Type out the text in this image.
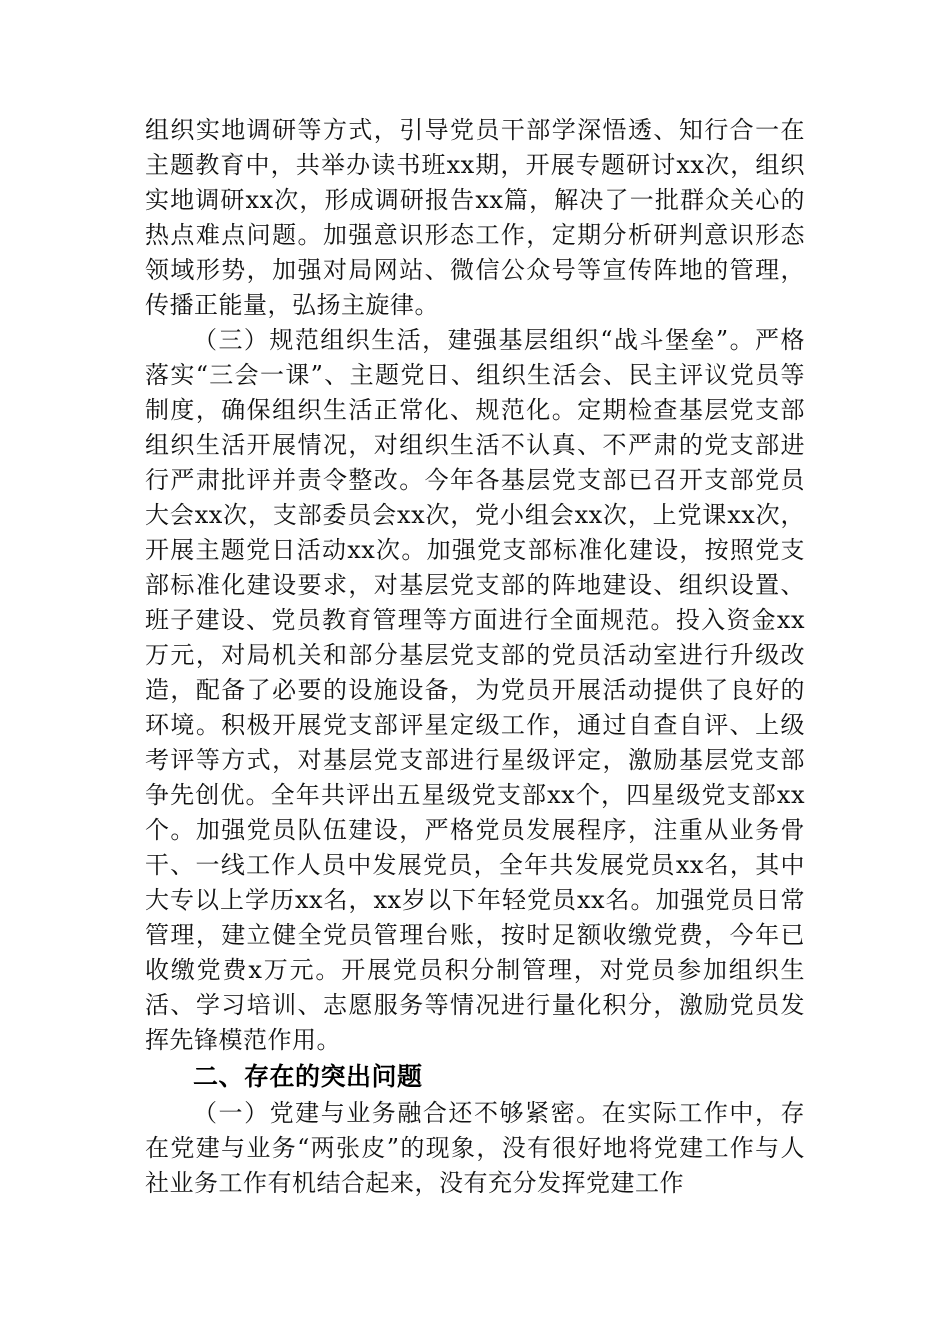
组织实地调研等方式，引导党员干部学深悟透、知行合一在主题教育中，共举办读书班xx期，开展专题研讨xx次，组织实地调研xx次，形成调研报告xx篇，解决了一批群众关心的热点难点问题。加强意识形态工作，定期分析研判意识形态领域形势，加强对局网站、微信公众号等宣传阵地的管理，传播正能量，弘扬主旋律。

（三）规范组织生活，建强基层组织“战斗堡垒”。严格落实“三会一课”、主题党日、组织生活会、民主评议党员等制度，确保组织生活正常化、规范化。定期检查基层党支部组织生活开展情况，对组织生活不认真、不严肃的党支部进行严肃批评并责令整改。今年各基层党支部已召开支部党员大会xx次，支部委员会xx次，党小组会xx次，上党课xx次，开展主题党日活动xx次。加强党支部标准化建设，按照党支部标准化建设要求，对基层党支部的阵地建设、组织设置、班子建设、党员教育管理等方面进行全面规范。投入资金xx万元，对局机关和部分基层党支部的党员活动室进行升级改造，配备了必要的设施设备，为党员开展活动提供了良好的环境。积极开展党支部评星定级工作，通过自查自评、上级考评等方式，对基层党支部进行星级评定，激励基层党支部争先创优。全年共评出五星级党支部xx个，四星级党支部xx个。加强党员队伍建设，严格党员发展程序，注重从业务骨干、一线工作人员中发展党员，全年共发展党员xx名，其中大专以上学历xx名，xx岁以下年轻党员xx名。加强党员日常管理，建立健全党员管理台账，按时足额收缴党费，今年已收缴党费x万元。开展党员积分制管理，对党员参加组织生活、学习培训、志愿服务等情况进行量化积分，激励党员发挥先锋模范作用。

二、存在的突出问题

（一）党建与业务融合还不够紧密。在实际工作中，存在党建与业务“两张皮”的现象，没有很好地将党建工作与人社业务工作有机结合起来，没有充分发挥党建工作
